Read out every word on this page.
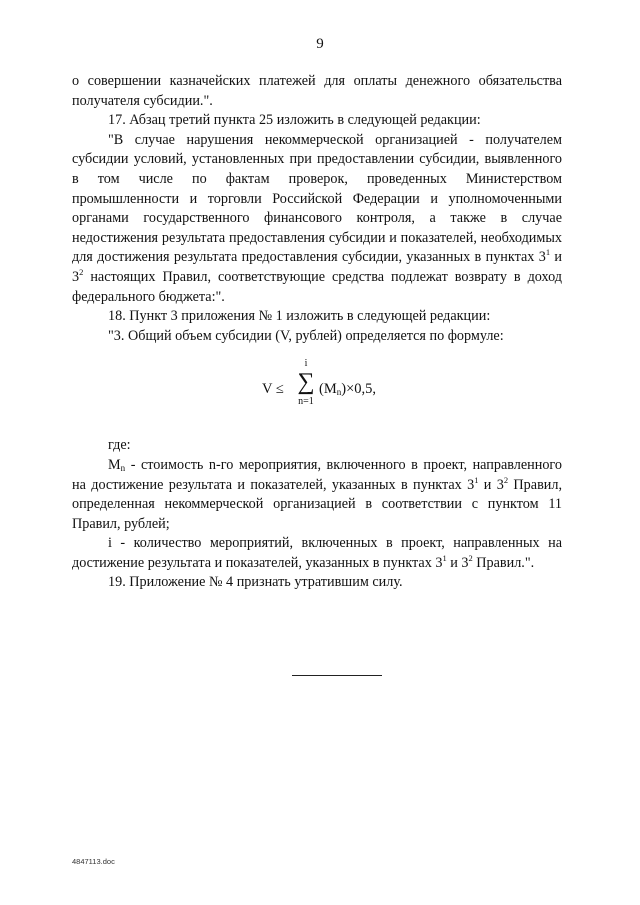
9

о совершении казначейских платежей для оплаты денежного обязательства получателя субсидии.".

17. Абзац третий пункта 25 изложить в следующей редакции:

"В случае нарушения некоммерческой организацией - получателем субсидии условий, установленных при предоставлении субсидии, выявленного в том числе по фактам проверок, проведенных Министерством промышленности и торговли Российской Федерации и уполномоченными органами государственного финансового контроля, а также в случае недостижения результата предоставления субсидии и показателей, необходимых для достижения результата предоставления субсидии, указанных в пунктах $3^1$ и $3^2$ настоящих Правил, соответствующие средства подлежат возврату в доход федерального бюджета:".

18. Пункт 3 приложения № 1 изложить в следующей редакции:

"3. Общий объем субсидии (V, рублей) определяется по формуле:

V ≤
i
∑
n=1
$(M_n)\times 0,5$,

где:

$M_n$ - стоимость n-го мероприятия, включенного в проект, направленного на достижение результата и показателей, указанных в пунктах $3^1$ и $3^2$ Правил, определенная некоммерческой организацией в соответствии с пунктом 11 Правил, рублей;

i - количество мероприятий, включенных в проект, направленных на достижение результата и показателей, указанных в пунктах $3^1$ и $3^2$ Правил.".

19. Приложение № 4 признать утратившим силу.

4847113.doc
